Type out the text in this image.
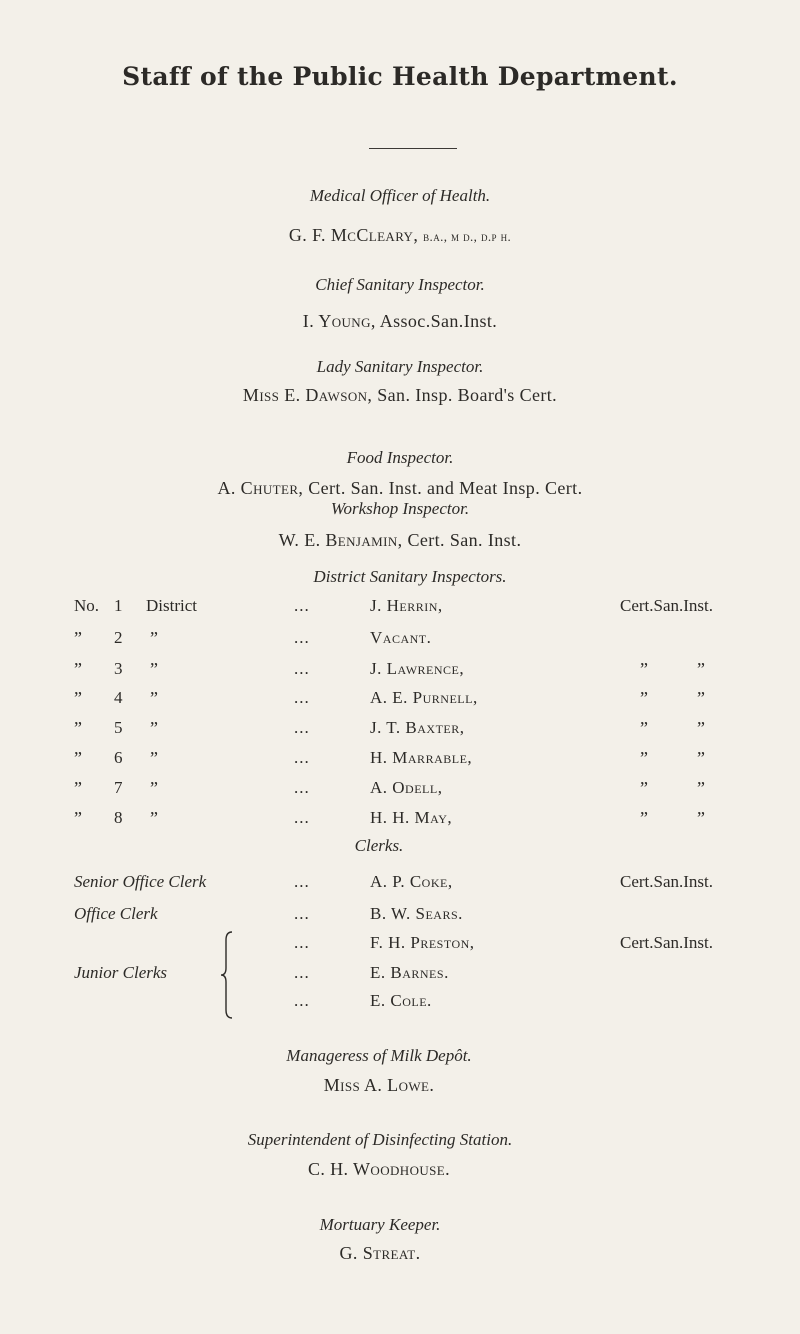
Staff of the Public Health Department.
Medical Officer of Health.
G. F. McCleary, b.a., m d., d.p h.
Chief Sanitary Inspector.
I. Young, Assoc.San.Inst.
Lady Sanitary Inspector.
Miss E. Dawson, San. Insp. Board's Cert.
Food Inspector.
A. Chuter, Cert. San. Inst. and Meat Insp. Cert.
Workshop Inspector.
W. E. Benjamin, Cert. San. Inst.
District Sanitary Inspectors.
No. 1 District	...	J. Herrin,	Cert.San.Inst.
” 2 ”	...	Vacant.
” 3 ”	...	J. Lawrence,	”	”
” 4 ”	...	A. E. Purnell,	”	”
” 5 ”	...	J. T. Baxter,	”	”
” 6 ”	...	H. Marrable,	”	”
” 7 ”	...	A. Odell,	”	”
” 8 ”	...	H. H. May,	”	”
Clerks.
Senior Office Clerk	...	A. P. Coke,	Cert.San.Inst.
Office Clerk	...	B. W. Sears.
...	F. H. Preston,	Cert.San.Inst.
Junior Clerks	...	E. Barnes.
...	E. Cole.
Manageress of Milk Depôt.
Miss A. Lowe.
Superintendent of Disinfecting Station.
C. H. Woodhouse.
Mortuary Keeper.
G. Streat.
